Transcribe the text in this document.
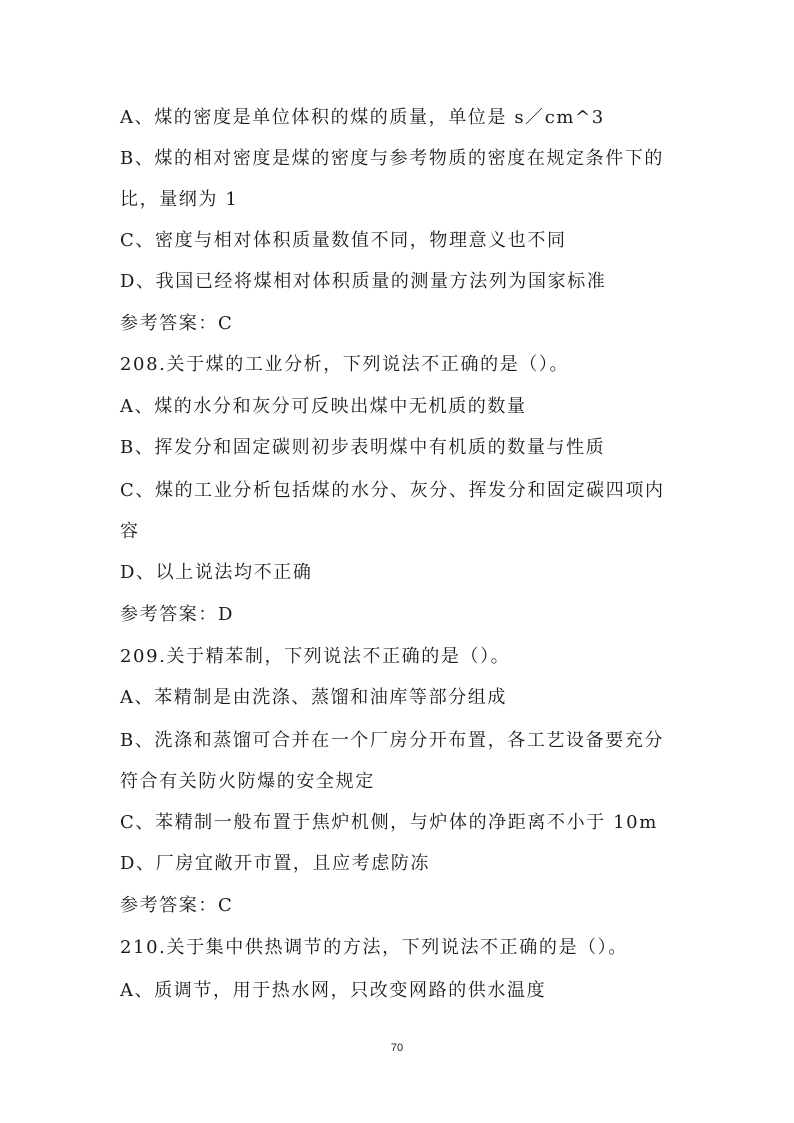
A、煤的密度是单位体积的煤的质量，单位是 s／cm^3
B、煤的相对密度是煤的密度与参考物质的密度在规定条件下的
比，量纲为 1
C、密度与相对体积质量数值不同，物理意义也不同
D、我国已经将煤相对体积质量的测量方法列为国家标准
参考答案：C
208.关于煤的工业分析，下列说法不正确的是（）。
A、煤的水分和灰分可反映出煤中无机质的数量
B、挥发分和固定碳则初步表明煤中有机质的数量与性质
C、煤的工业分析包括煤的水分、灰分、挥发分和固定碳四项内
容
D、以上说法均不正确
参考答案：D
209.关于精苯制，下列说法不正确的是（）。
A、苯精制是由洗涤、蒸馏和油库等部分组成
B、洗涤和蒸馏可合并在一个厂房分开布置，各工艺设备要充分
符合有关防火防爆的安全规定
C、苯精制一般布置于焦炉机侧，与炉体的净距离不小于 10m
D、厂房宜敞开市置，且应考虑防冻
参考答案：C
210.关于集中供热调节的方法，下列说法不正确的是（）。
A、质调节，用于热水网，只改变网路的供水温度
70
